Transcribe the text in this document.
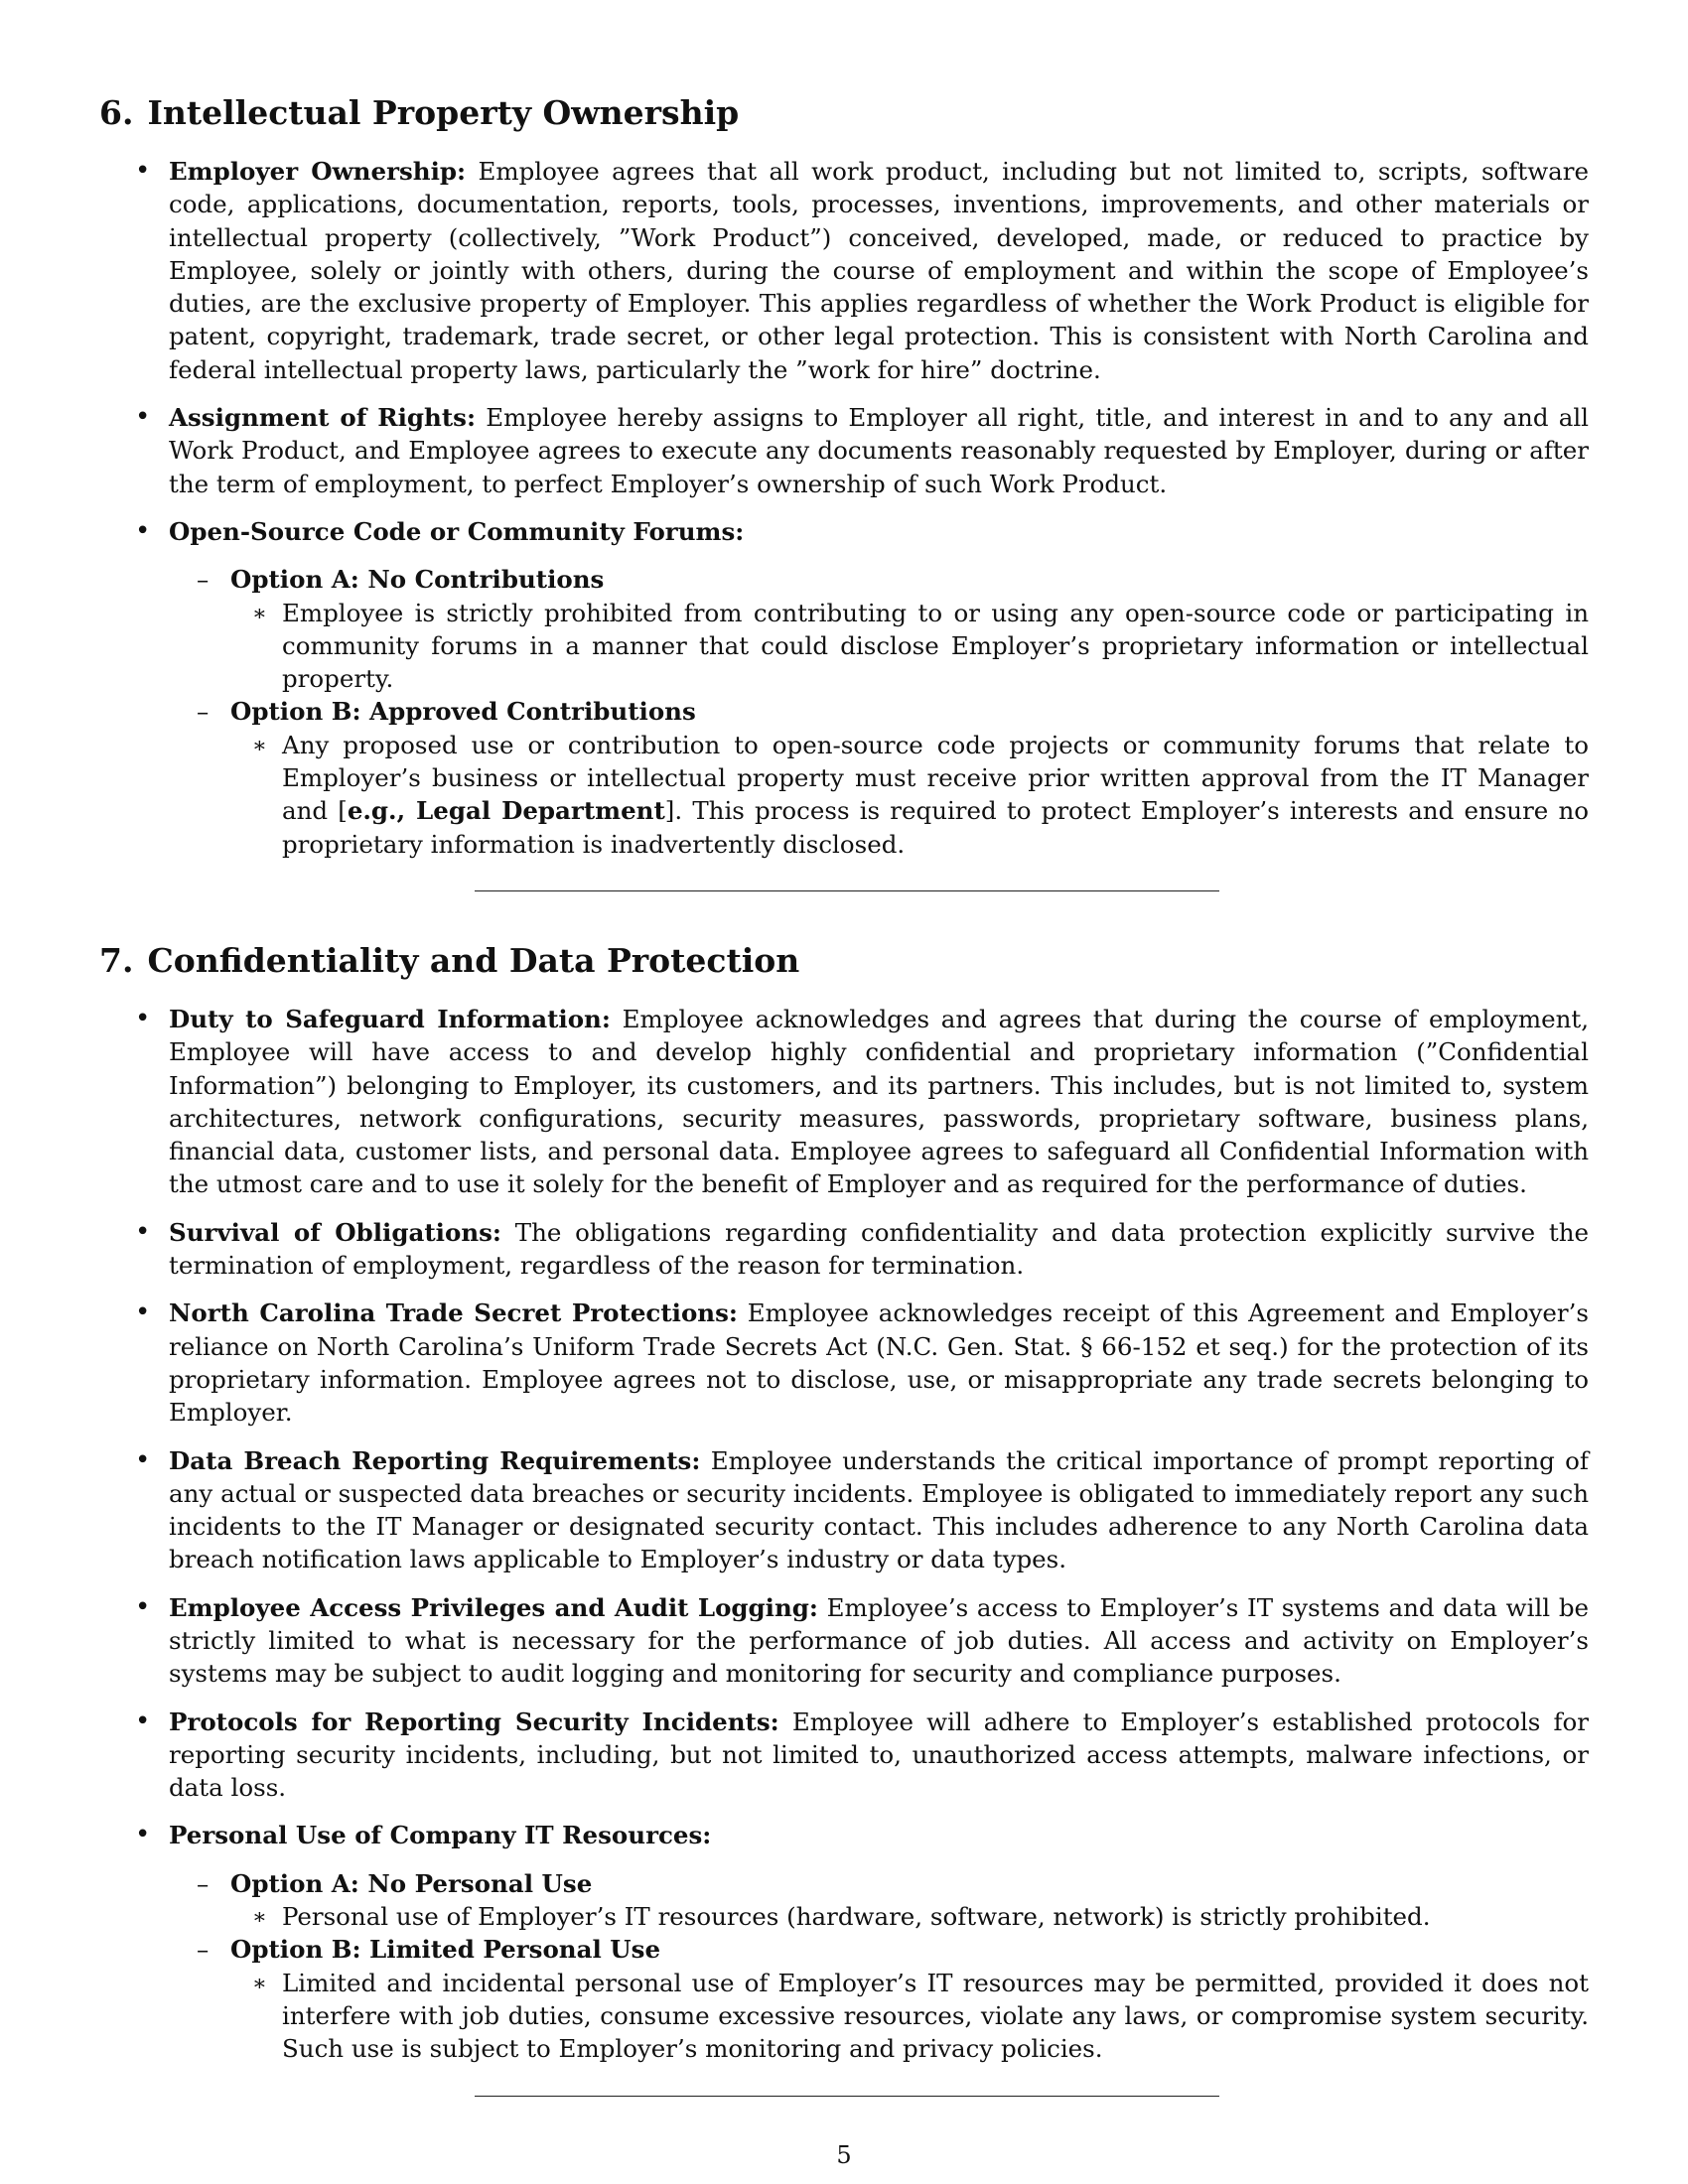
6. Intellectual Property Ownership
• Employer Ownership: Employee agrees that all work product, including but not limited to, scripts, software code, applications, documentation, reports, tools, processes, inventions, improvements, and other materials or intellectual property (collectively, ”Work Product”) conceived, developed, made, or reduced to practice by Employee, solely or jointly with others, during the course of employment and within the scope of Employee’s duties, are the exclusive property of Employer. This applies regardless of whether the Work Product is eligible for patent, copyright, trademark, trade secret, or other legal protection. This is consistent with North Carolina and federal intellectual property laws, particularly the ”work for hire” doctrine.
• Assignment of Rights: Employee hereby assigns to Employer all right, title, and interest in and to any and all Work Product, and Employee agrees to execute any documents reasonably requested by Employer, during or after the term of employment, to perfect Employer’s ownership of such Work Product.
• Open-Source Code or Community Forums:
– Option A: No Contributions
∗ Employee is strictly prohibited from contributing to or using any open-source code or participating in community forums in a manner that could disclose Employer’s proprietary information or intellectual property.
– Option B: Approved Contributions
∗ Any proposed use or contribution to open-source code projects or community forums that relate to Employer’s business or intellectual property must receive prior written approval from the IT Manager and [e.g., Legal Department]. This process is required to protect Employer’s interests and ensure no proprietary information is inadvertently disclosed.
7. Confidentiality and Data Protection
• Duty to Safeguard Information: Employee acknowledges and agrees that during the course of employment, Employee will have access to and develop highly confidential and proprietary information (”Confidential Information”) belonging to Employer, its customers, and its partners. This includes, but is not limited to, system architectures, network configurations, security measures, passwords, proprietary software, business plans, financial data, customer lists, and personal data. Employee agrees to safeguard all Confidential Information with the utmost care and to use it solely for the benefit of Employer and as required for the performance of duties.
• Survival of Obligations: The obligations regarding confidentiality and data protection explicitly survive the termination of employment, regardless of the reason for termination.
• North Carolina Trade Secret Protections: Employee acknowledges receipt of this Agreement and Employer’s reliance on North Carolina’s Uniform Trade Secrets Act (N.C. Gen. Stat. § 66-152 et seq.) for the protection of its proprietary information. Employee agrees not to disclose, use, or misappropriate any trade secrets belonging to Employer.
• Data Breach Reporting Requirements: Employee understands the critical importance of prompt reporting of any actual or suspected data breaches or security incidents. Employee is obligated to immediately report any such incidents to the IT Manager or designated security contact. This includes adherence to any North Carolina data breach notification laws applicable to Employer’s industry or data types.
• Employee Access Privileges and Audit Logging: Employee’s access to Employer’s IT systems and data will be strictly limited to what is necessary for the performance of job duties. All access and activity on Employer’s systems may be subject to audit logging and monitoring for security and compliance purposes.
• Protocols for Reporting Security Incidents: Employee will adhere to Employer’s established protocols for reporting security incidents, including, but not limited to, unauthorized access attempts, malware infections, or data loss.
• Personal Use of Company IT Resources:
– Option A: No Personal Use
∗ Personal use of Employer’s IT resources (hardware, software, network) is strictly prohibited.
– Option B: Limited Personal Use
∗ Limited and incidental personal use of Employer’s IT resources may be permitted, provided it does not interfere with job duties, consume excessive resources, violate any laws, or compromise system security. Such use is subject to Employer’s monitoring and privacy policies.
5
